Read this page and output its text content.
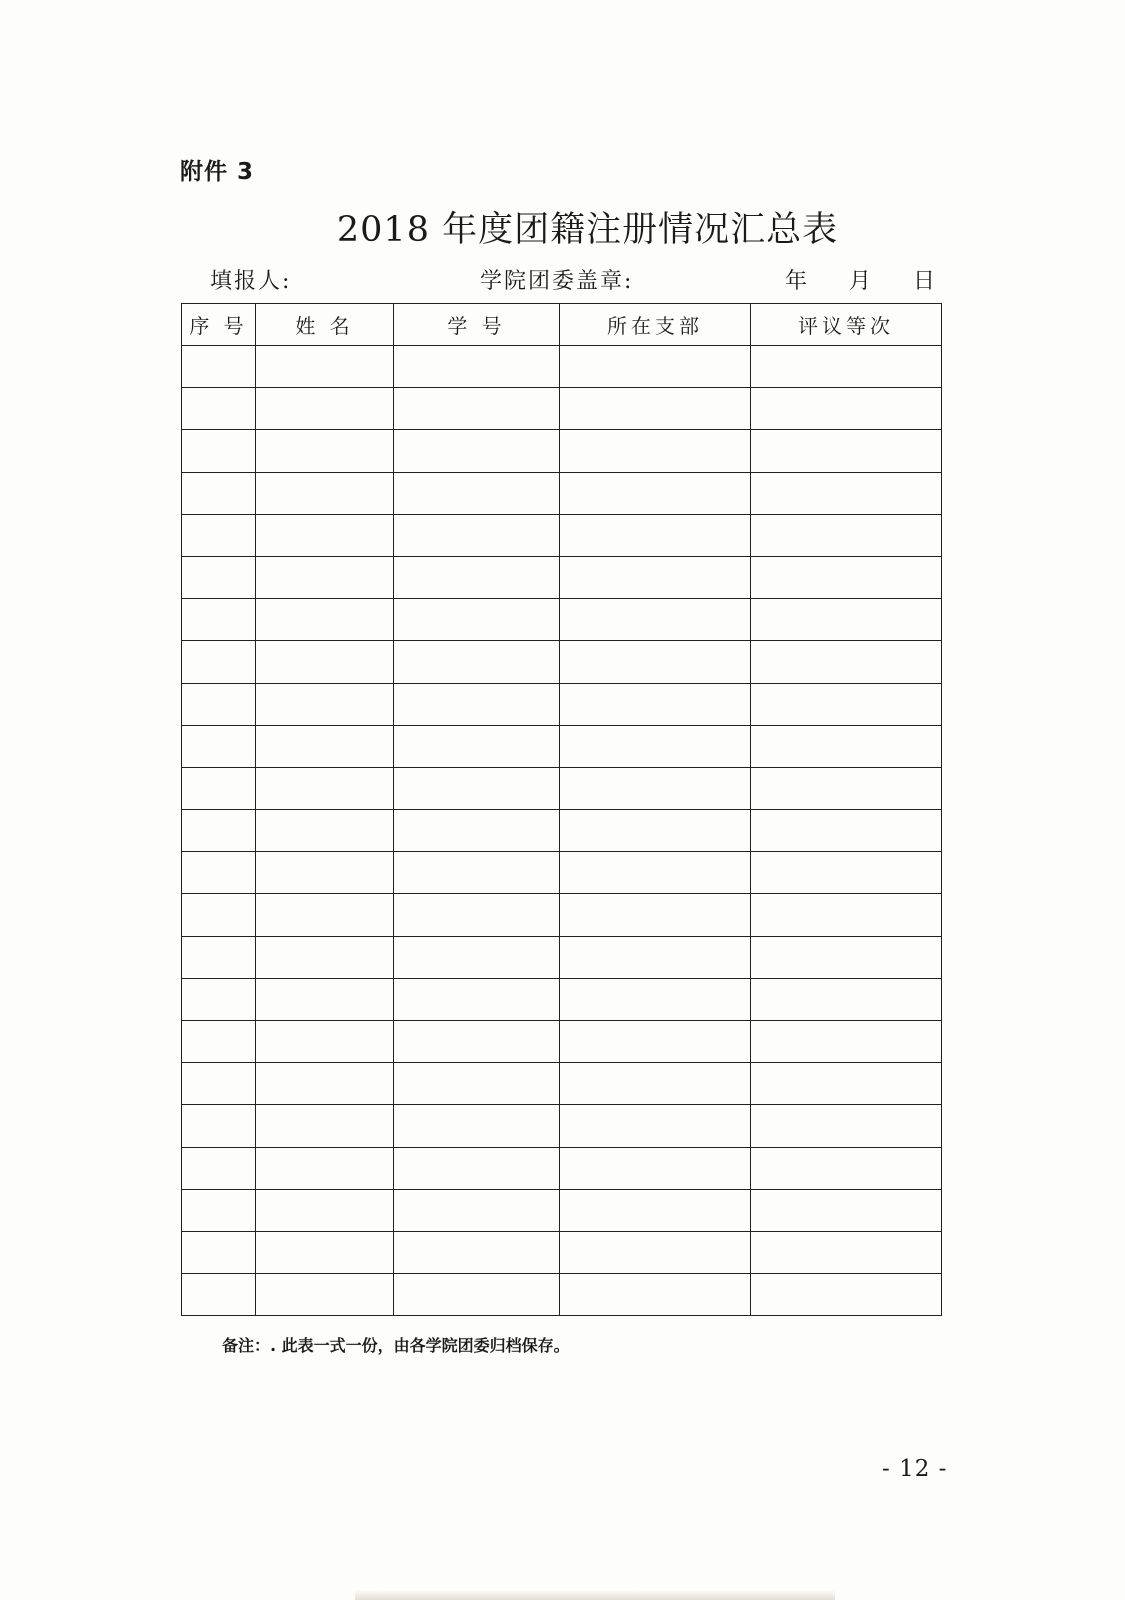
附件 3
2018 年度团籍注册情况汇总表
填报人:	学院团委盖章:	年 月 日
序 号	姓 名	学 号	所在支部	评议等次

备注：. 此表一式一份，由各学院团委归档保存。
- 12 -
